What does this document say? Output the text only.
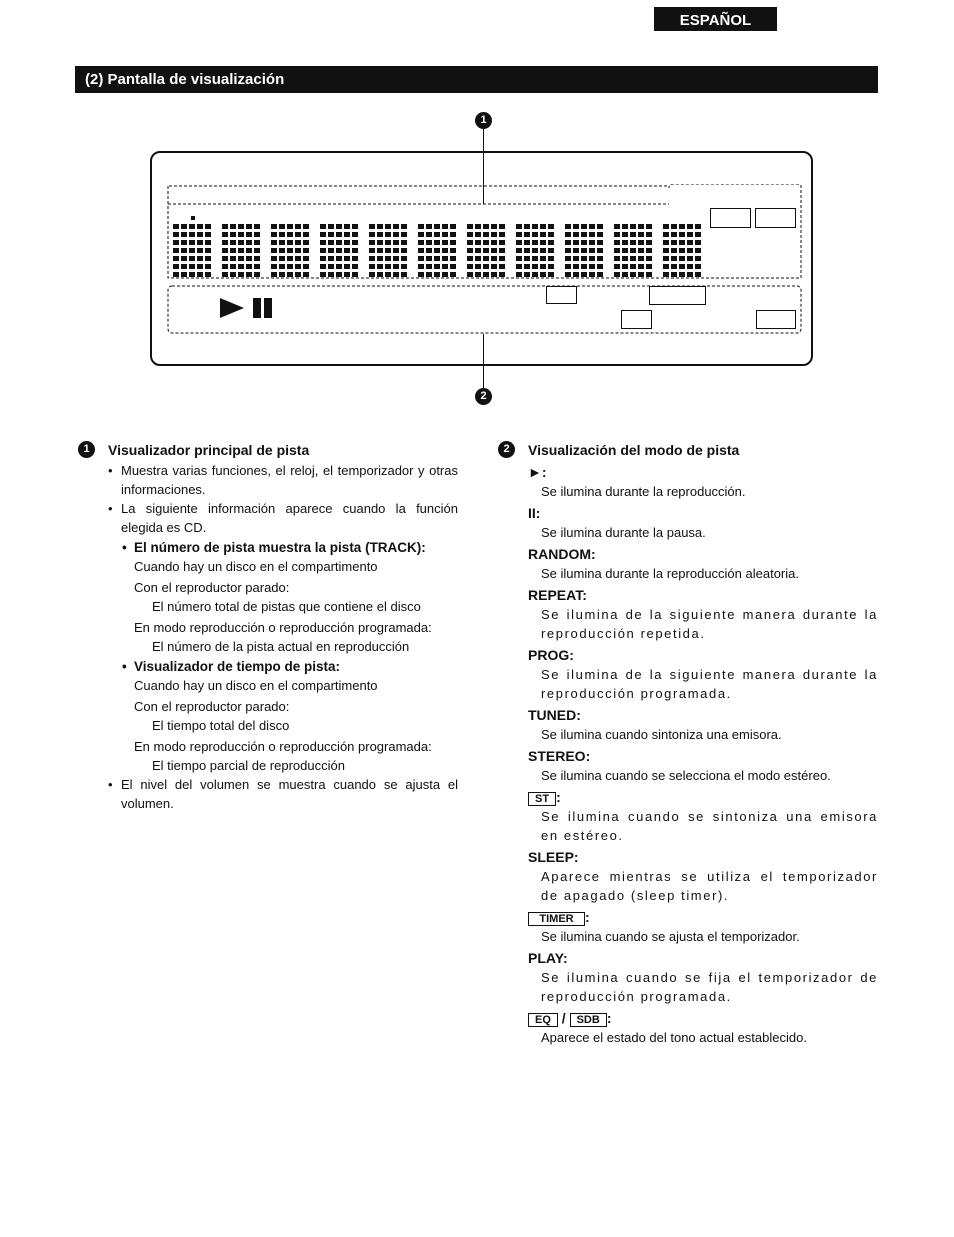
ESPAÑOL
(2) Pantalla de visualización
1
2
1	Visualizador principal de pista
• Muestra varias funciones, el reloj, el temporizador y otras informaciones.
• La siguiente información aparece cuando la función elegida es CD.
• El número de pista muestra la pista (TRACK):
Cuando hay un disco en el compartimento
Con el reproductor parado:
El número total de pistas que contiene el disco
En modo reproducción o reproducción programada:
El número de la pista actual en reproducción
• Visualizador de tiempo de pista:
Cuando hay un disco en el compartimento
Con el reproductor parado:
El tiempo total del disco
En modo reproducción o reproducción programada:
El tiempo parcial de reproducción
• El nivel del volumen se muestra cuando se ajusta el volumen.
2	Visualización del modo de pista
►:
Se ilumina durante la reproducción.
II:
Se ilumina durante la pausa.
RANDOM:
Se ilumina durante la reproducción aleatoria.
REPEAT:
Se ilumina de la siguiente manera durante la reproducción repetida.
PROG:
Se ilumina de la siguiente manera durante la reproducción programada.
TUNED:
Se ilumina cuando sintoniza una emisora.
STEREO:
Se ilumina cuando se selecciona el modo estéreo.
ST :
Se ilumina cuando se sintoniza una emisora en estéreo.
SLEEP:
Aparece mientras se utiliza el temporizador de apagado (sleep timer).
TIMER :
Se ilumina cuando se ajusta el temporizador.
PLAY:
Se ilumina cuando se fija el temporizador de reproducción programada.
EQ / SDB :
Aparece el estado del tono actual establecido.
